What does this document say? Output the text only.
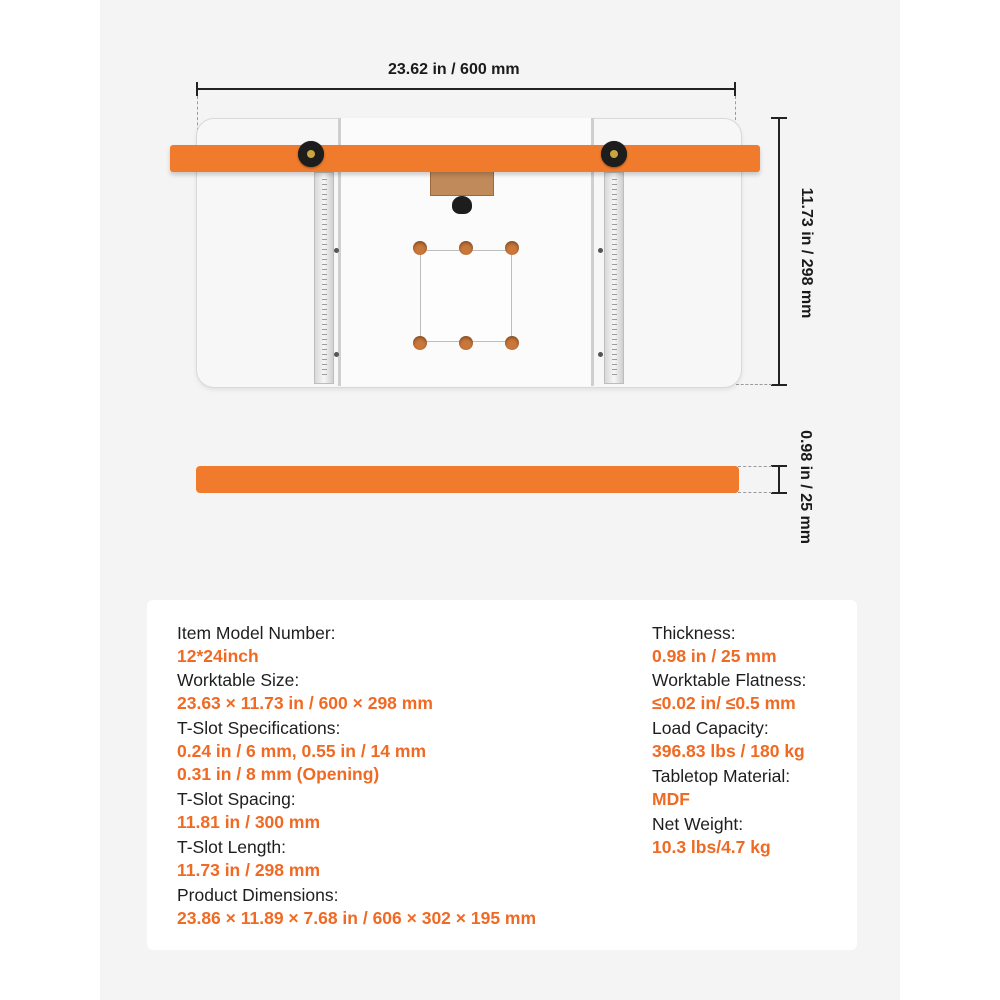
23.62 in / 600 mm
11.73 in / 298 mm
0.98 in / 25 mm
Item Model Number:
12*24inch
Worktable Size:
23.63 × 11.73 in / 600 × 298 mm
T-Slot Specifications:
0.24 in / 6 mm, 0.55 in / 14 mm
0.31 in / 8 mm (Opening)
T-Slot Spacing:
11.81 in / 300 mm
T-Slot Length:
11.73 in / 298 mm
Product Dimensions:
23.86 × 11.89 × 7.68 in / 606 × 302 × 195 mm
Thickness:
0.98 in / 25 mm
Worktable Flatness:
≤0.02 in/ ≤0.5 mm
Load Capacity:
396.83 lbs / 180 kg
Tabletop Material:
MDF
Net Weight:
10.3 lbs/4.7 kg
